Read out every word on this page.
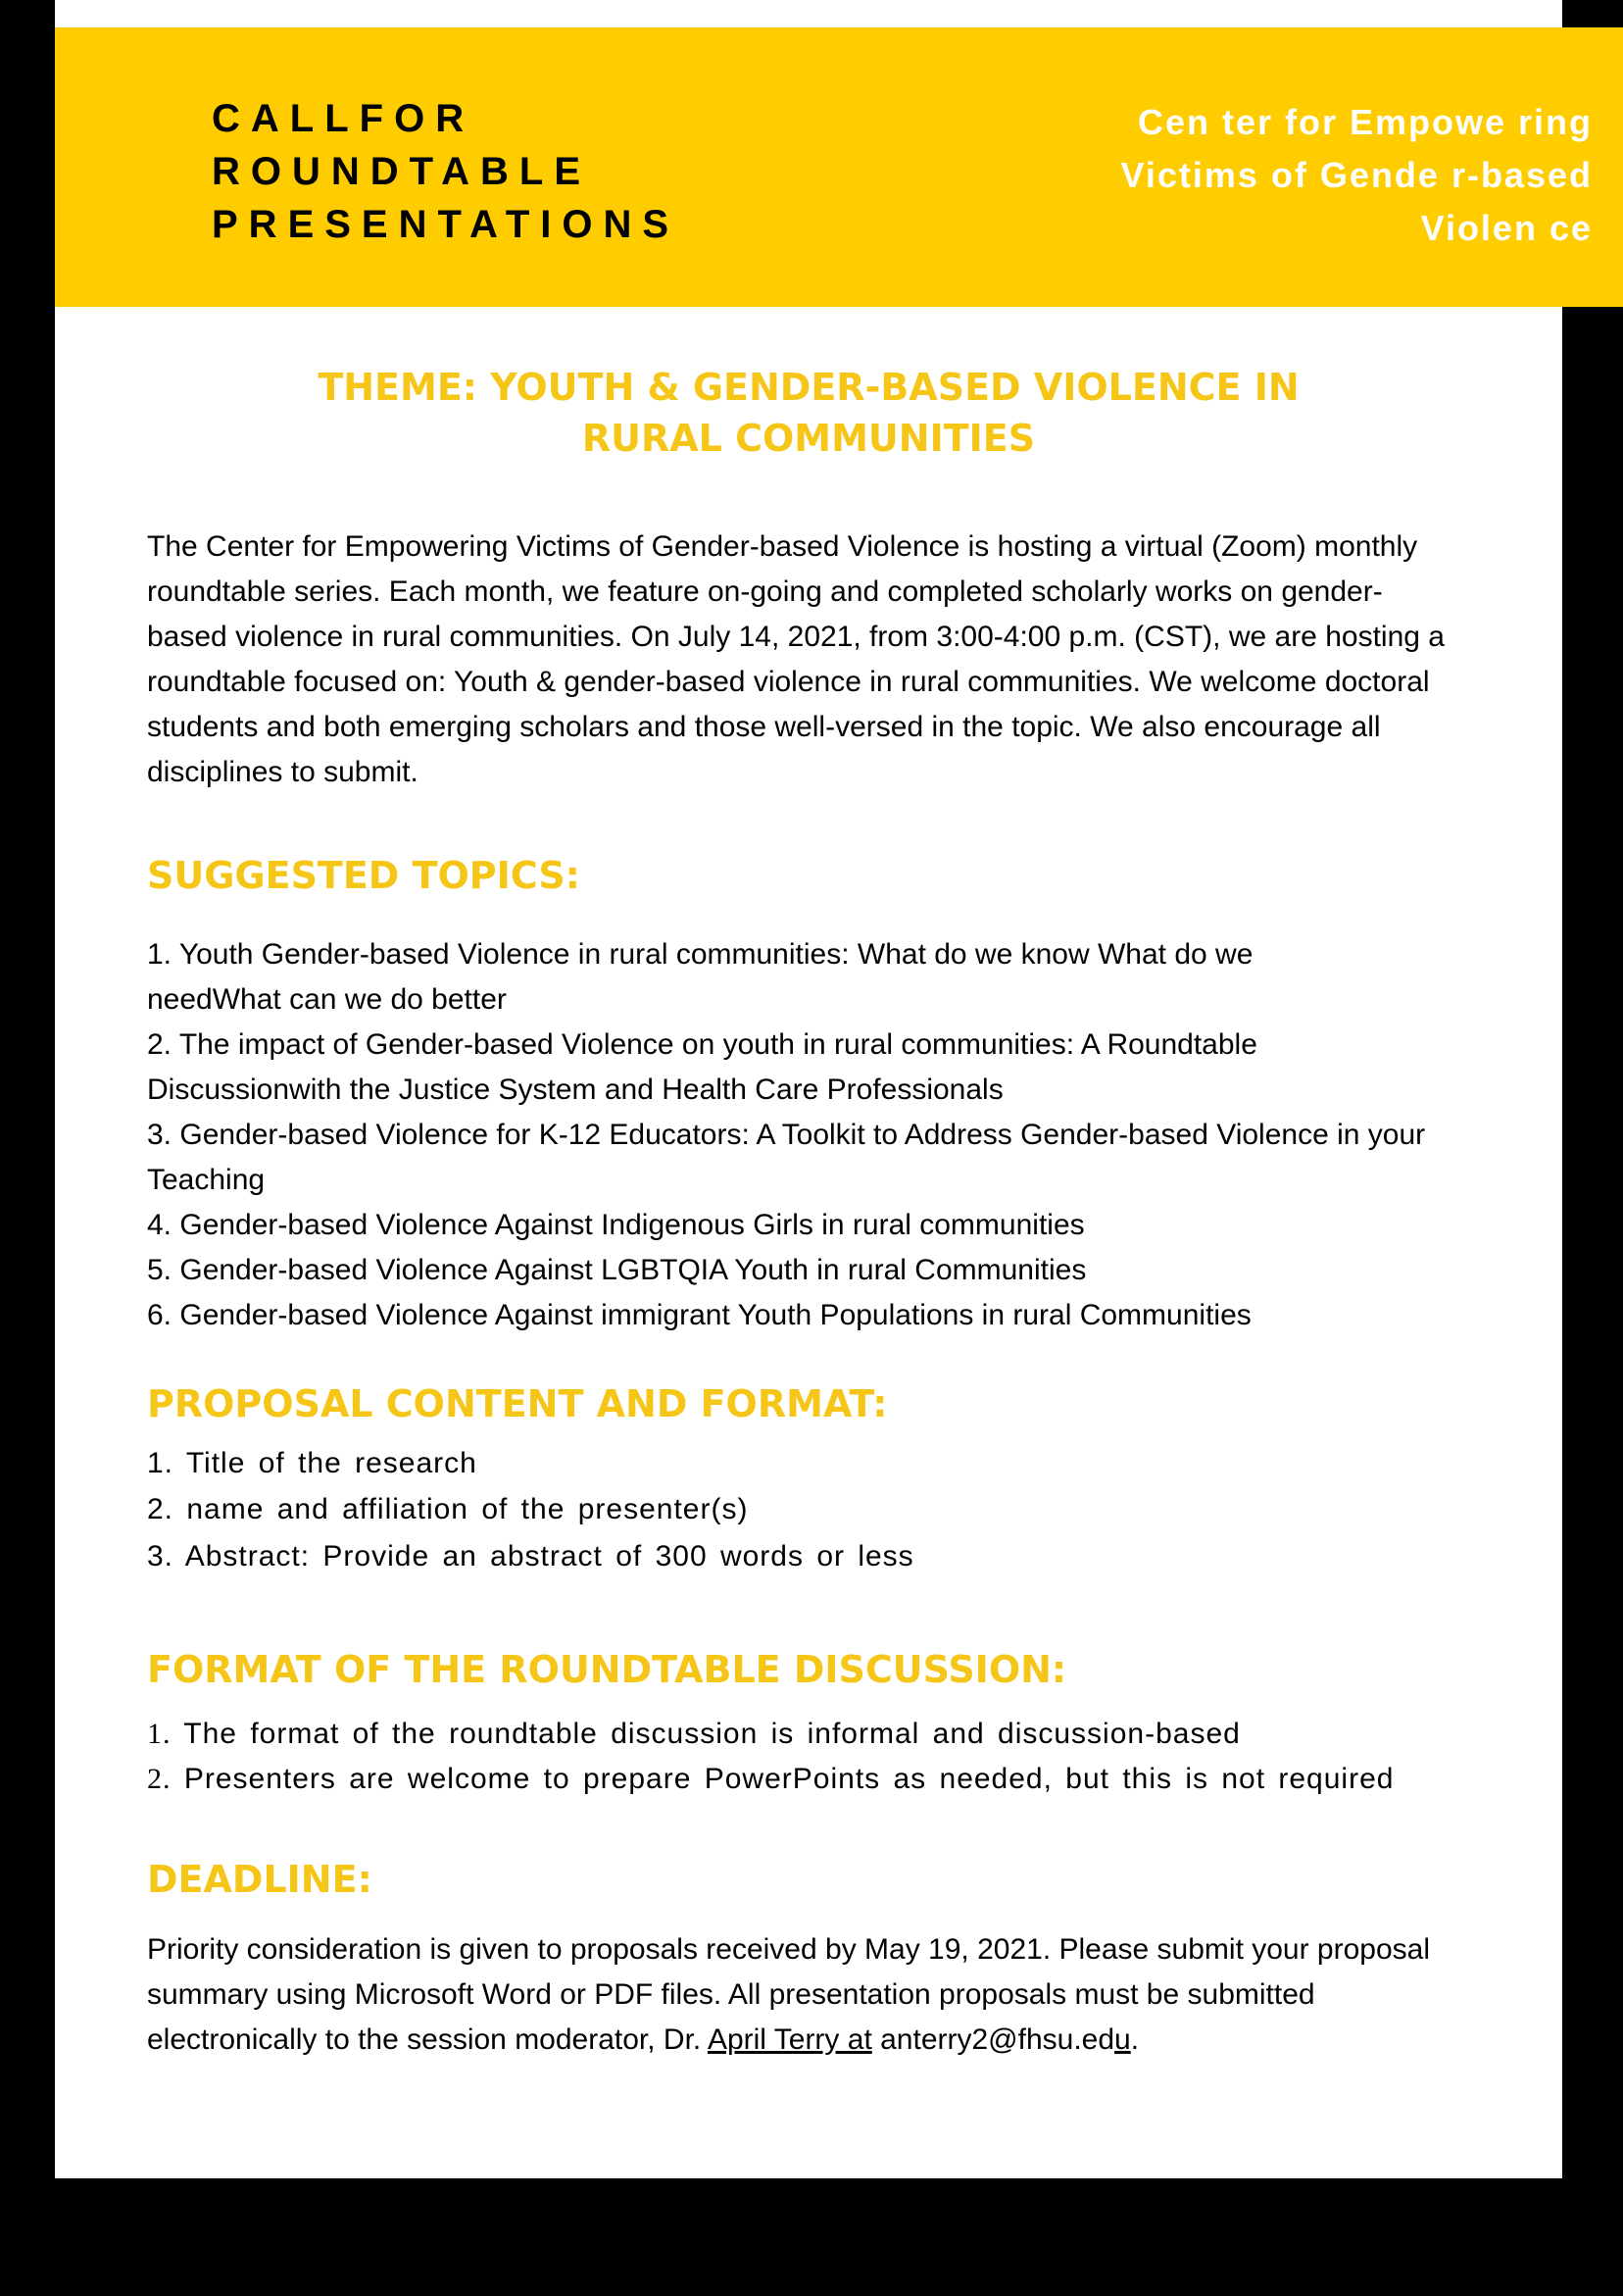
CALLFOR
ROUNDTABLE
PRESENTATIONS
Cen ter for Empowe ring
Victims of Gende r-based
Violen ce
THEME: YOUTH & GENDER-BASED VIOLENCE IN
RURAL COMMUNITIES
The Center for Empowering Victims of Gender-based Violence is hosting a virtual (Zoom) monthly
roundtable series. Each month, we feature on-going and completed scholarly works on gender-
based violence in rural communities. On July 14, 2021, from 3:00-4:00 p.m. (CST), we are hosting a
roundtable focused on: Youth & gender-based violence in rural communities. We welcome doctoral
students and both emerging scholars and those well-versed in the topic. We also encourage all
disciplines to submit.
SUGGESTED TOPICS:
1. Youth Gender-based Violence in rural communities: What do we know What do we
needWhat can we do better
2. The impact of Gender-based Violence on youth in rural communities: A Roundtable
Discussionwith the Justice System and Health Care Professionals
3. Gender-based Violence for K-12 Educators: A Toolkit to Address Gender-based Violence in your
Teaching
4. Gender-based Violence Against Indigenous Girls in rural communities
5. Gender-based Violence Against LGBTQIA Youth in rural Communities
6. Gender-based Violence Against immigrant Youth Populations in rural Communities
PROPOSAL CONTENT AND FORMAT:
1. Title of the research
2. name and affiliation of the presenter(s)
3. Abstract: Provide an abstract of 300 words or less
FORMAT OF THE ROUNDTABLE DISCUSSION:
1. The format of the roundtable discussion is informal and discussion-based
2. Presenters are welcome to prepare PowerPoints as needed, but this is not required
DEADLINE:
Priority consideration is given to proposals received by May 19, 2021. Please submit your proposal
summary using Microsoft Word or PDF files. All presentation proposals must be submitted
electronically to the session moderator, Dr. April Terry at anterry2@fhsu.edu.
